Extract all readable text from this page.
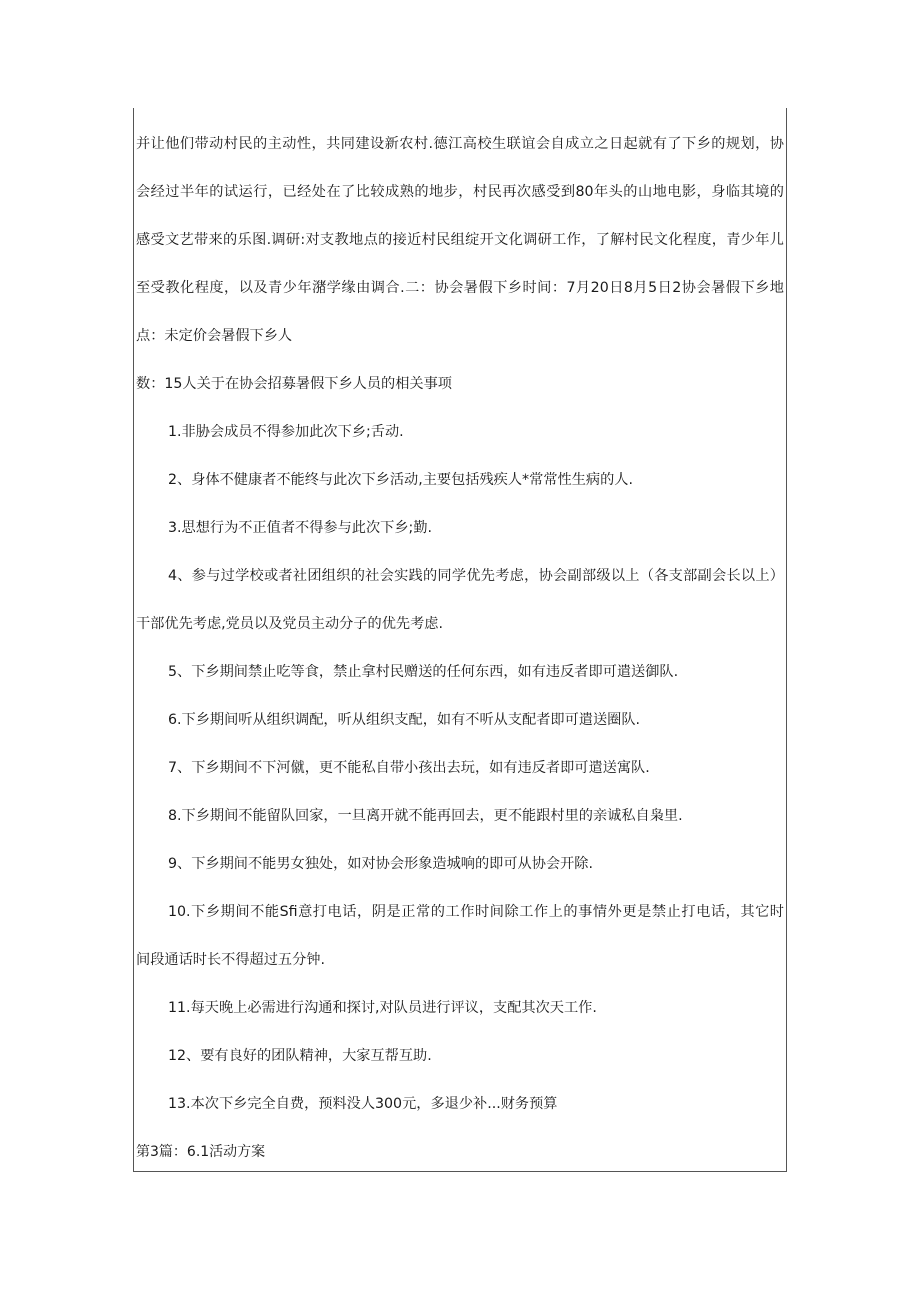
并让他们带动村民的主动性，共同建设新农村.德江高校生联谊会自成立之日起就有了下乡的规划，协
会经过半年的试运行，已经处在了比较成熟的地步，村民再次感受到80年头的山地电影，身临其境的
感受文艺带来的乐图.调研:对支教地点的接近村民组绽开文化调研工作，了解村民文化程度，青少年儿
至受教化程度，以及青少年潴学缘由调合.二：协会暑假下乡时间：7月20日8月5日2协会暑假下乡地
点：未定价会暑假下乡人
数：15人关于在协会招募暑假下乡人员的相关事项
1.非胁会成员不得参加此次下乡;舌动.
2、身体不健康者不能终与此次下乡活动,主要包括残疾人*常常性生病的人.
3.思想行为不正值者不得参与此次下乡;勤.
4、参与过学校或者社团组织的社会实践的同学优先考虑，协会副部级以上（各支部副会长以上）
干部优先考虑,党员以及党员主动分子的优先考虑.
5、下乡期间禁止吃等食，禁止拿村民赠送的任何东西，如有违反者即可遣送御队.
6.下乡期间听从组织调配，听从组织支配，如有不听从支配者即可遣送圈队.
7、下乡期间不下河僦，更不能私自带小孩出去玩，如有违反者即可遣送寓队.
8.下乡期间不能留队回家，一旦离开就不能再回去，更不能跟村里的亲诚私自枭里.
9、下乡期间不能男女独处，如对协会形象造城响的即可从协会开除.
10.下乡期间不能Sfi意打电话，阴是正常的工作时间除工作上的事情外更是禁止打电话，其它时
间段通话时长不得超过五分钟.
11.每天晚上必需进行沟通和探讨,对队员进行评议，支配其次天工作.
12、要有良好的团队精神，大家互帮互助.
13.本次下乡完全自费，预料没人300元，多退少补...财务预算
第3篇：6.1活动方案
